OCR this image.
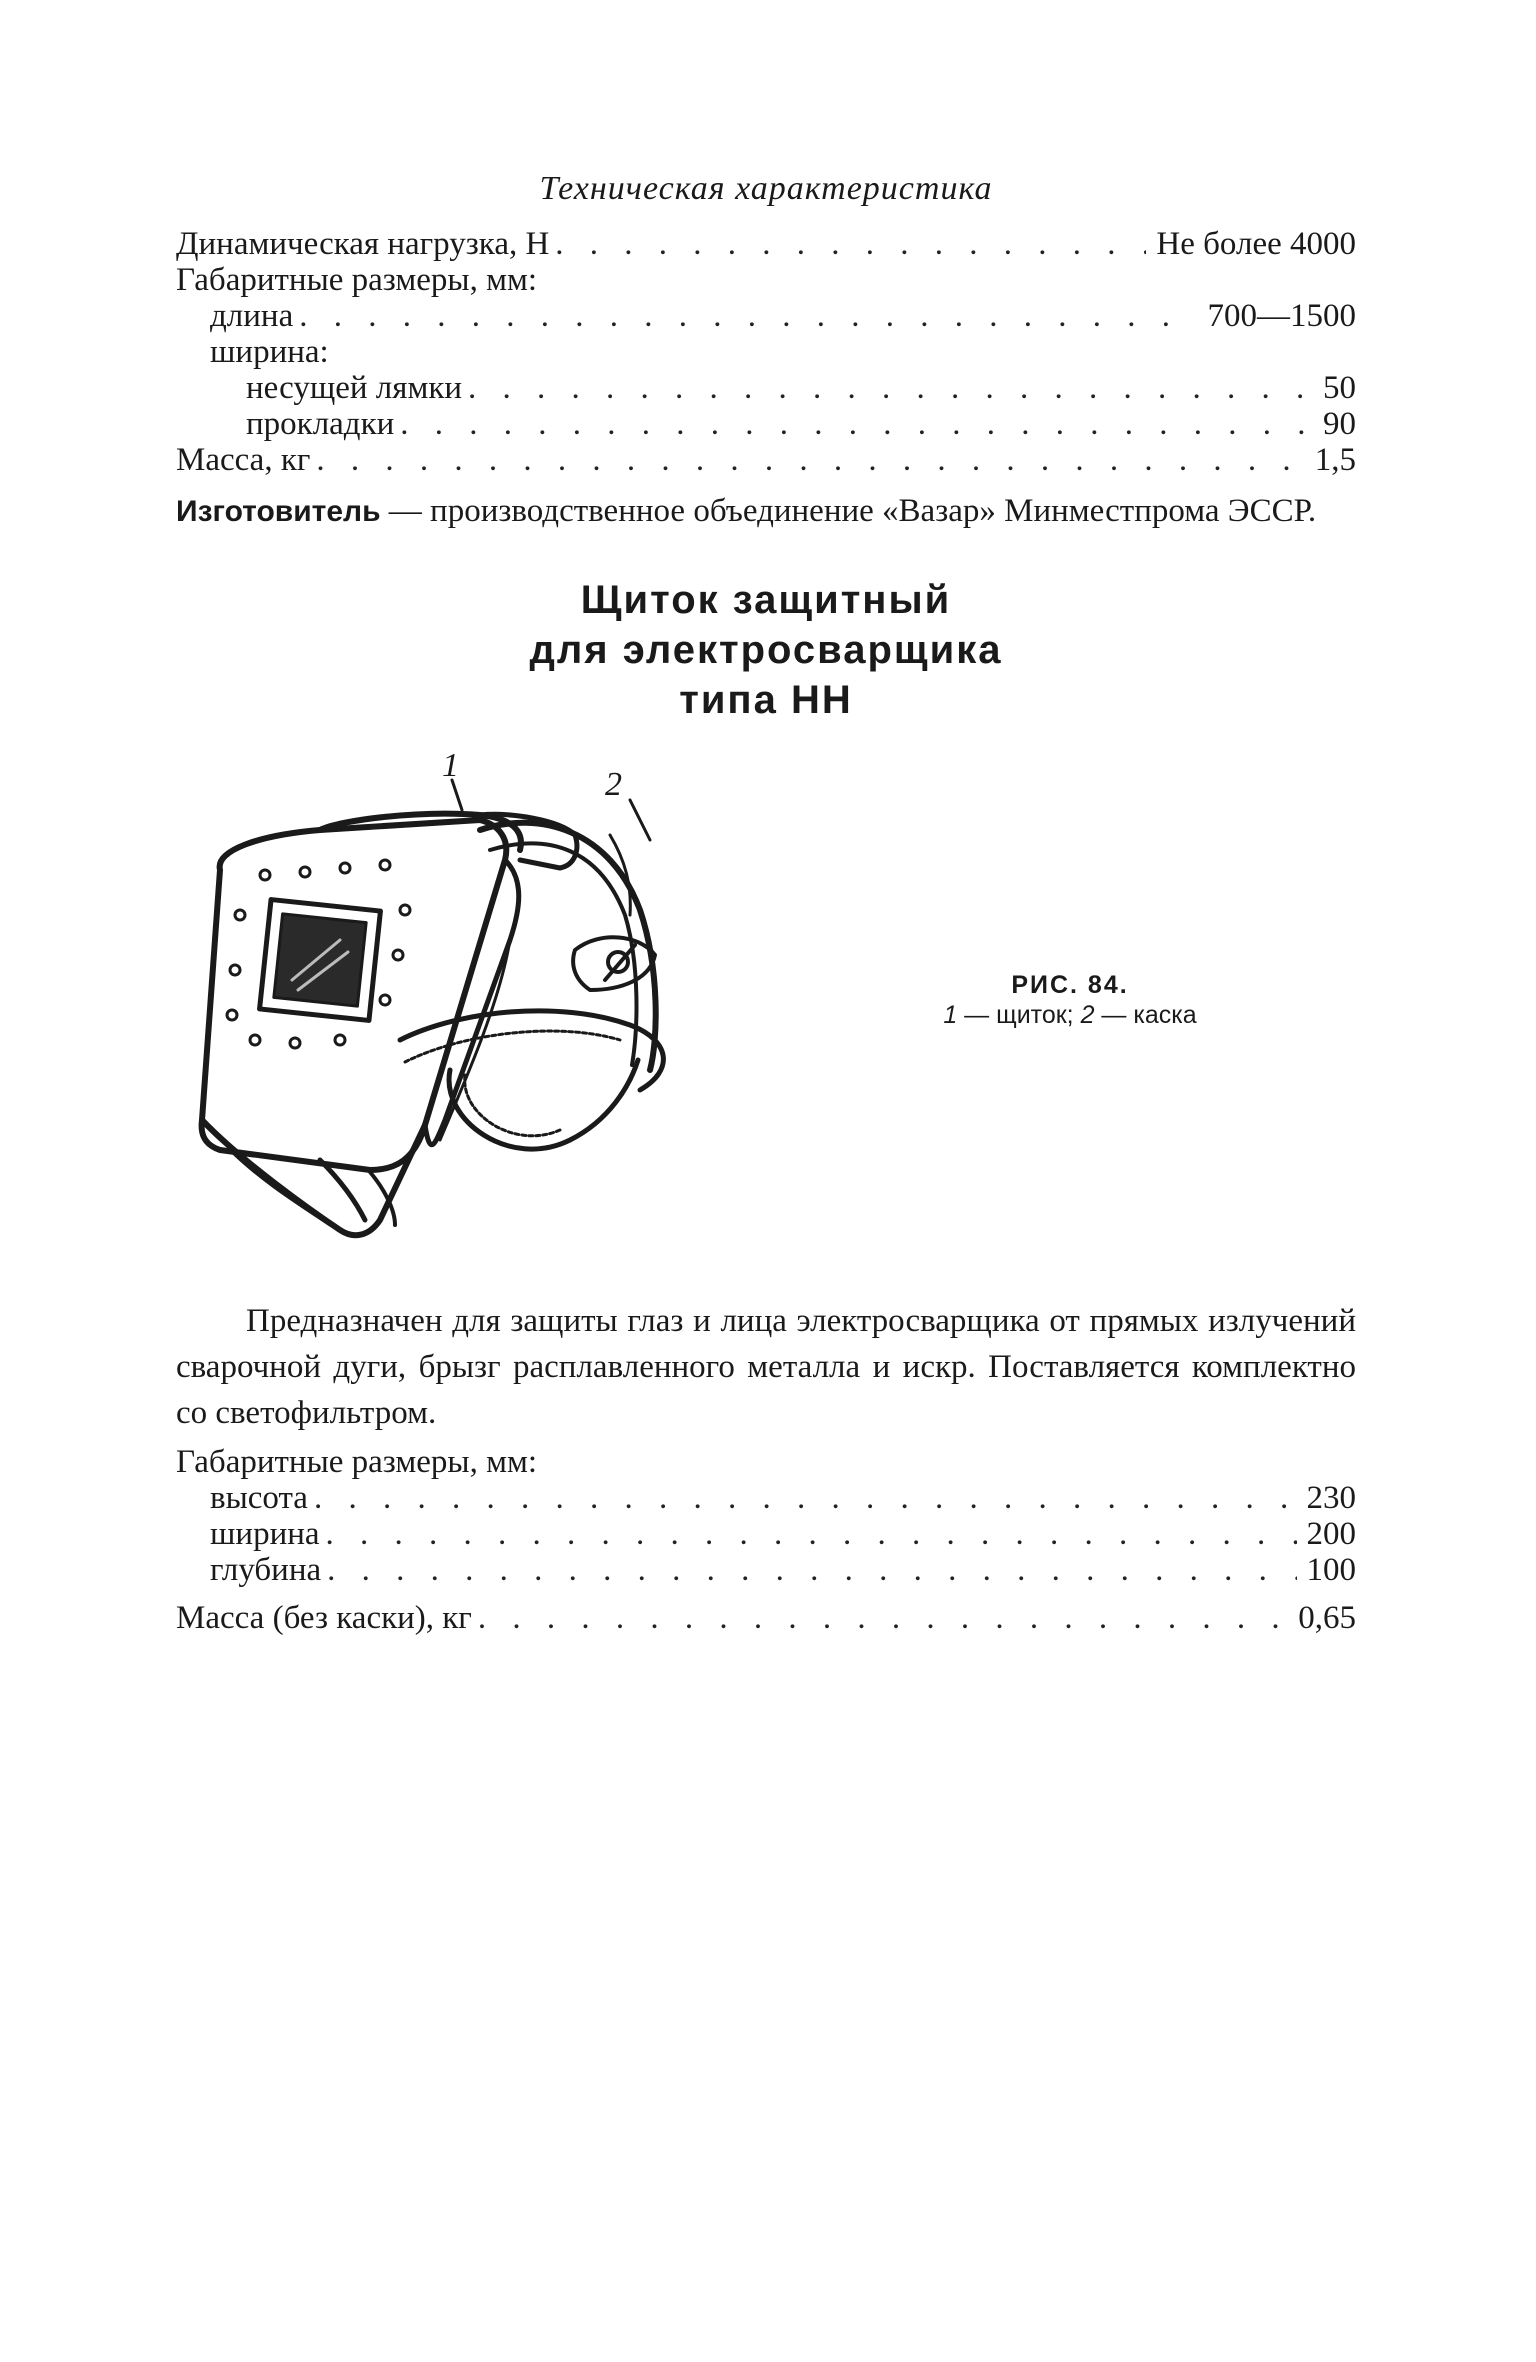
Техническая характеристика
Динамическая нагрузка, Н . . .	Не более 4000
Габаритные размеры, мм:
длина . . .	700—1500
ширина:
несущей лямки . . .	50
прокладки . . .	90
Масса, кг . . .	1,5
Изготовитель — производственное объединение «Вазар» Минместпрома ЭССР.
Щиток защитный
для электросварщика
типа НН
1
2
РИС. 84.
1 — щиток; 2 — каска

Предназначен для защиты глаз и лица электросварщика от прямых излучений сварочной дуги, брызг расплавленного металла и искр. Поставляется комплектно со светофильтром.

Габаритные размеры, мм:
высота . . .	230
ширина . . .	200
глубина . . .	100
Масса (без каски), кг . . .	0,65
